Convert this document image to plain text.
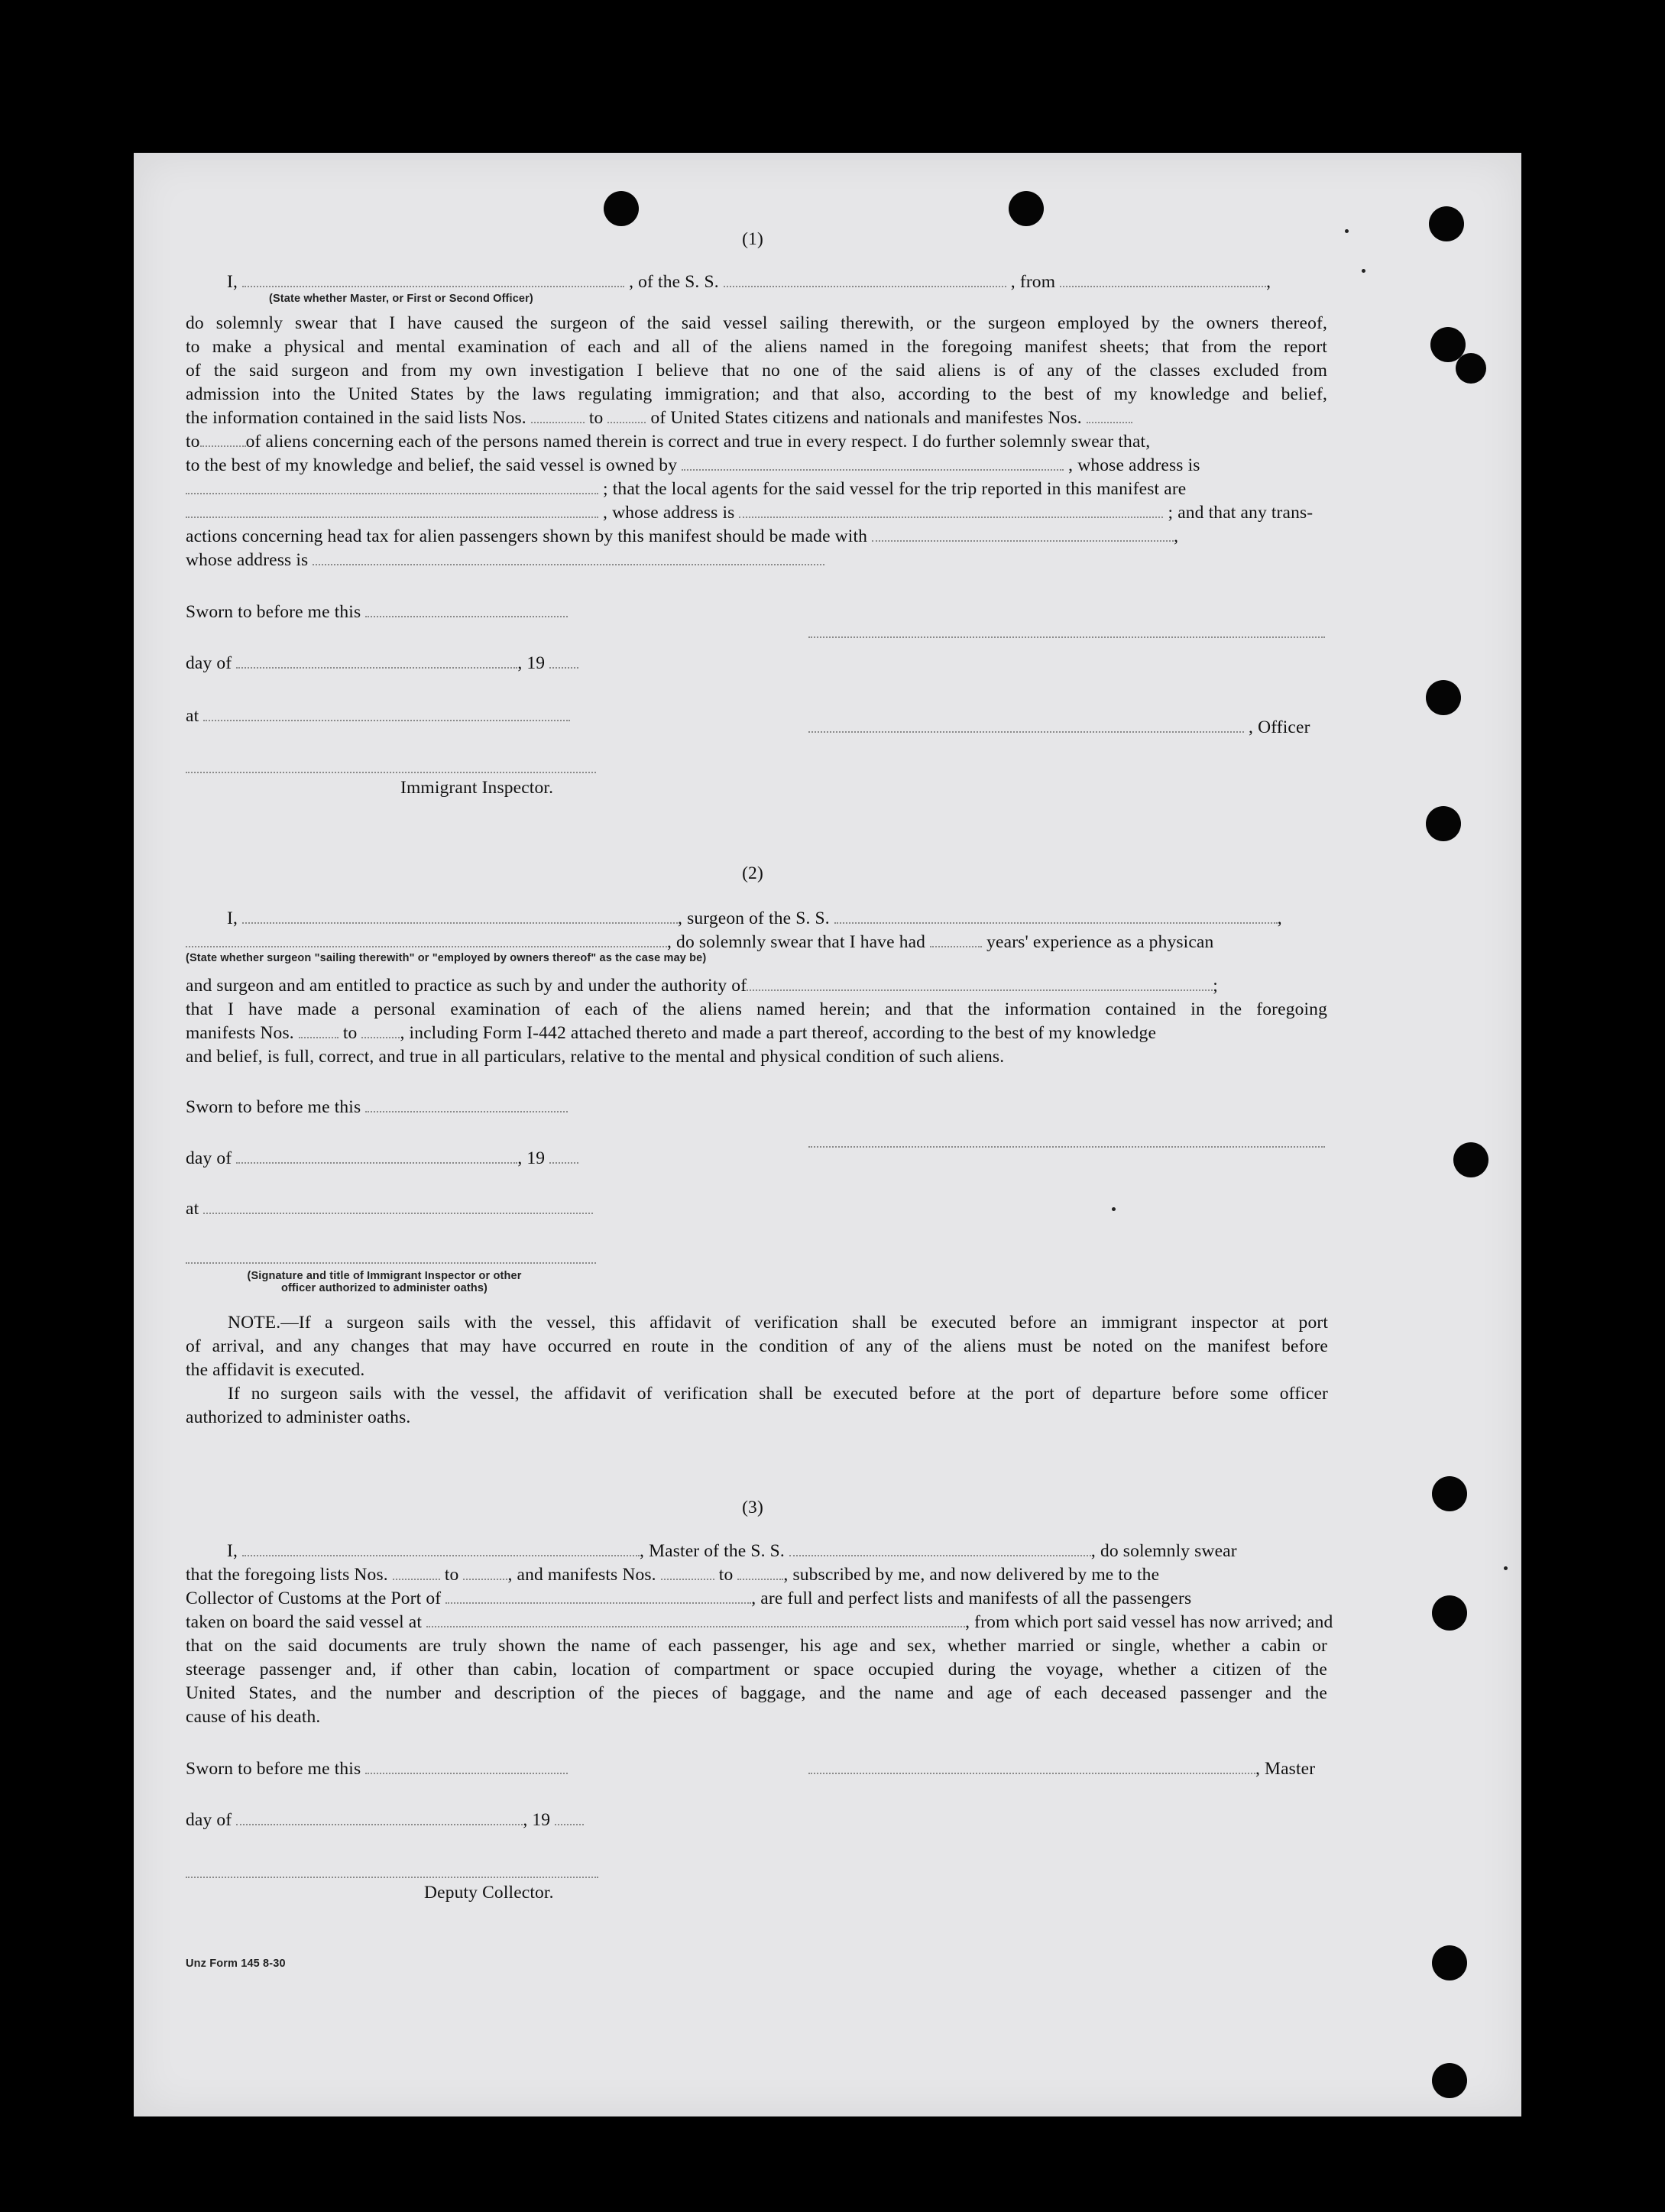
(1)
I,	, of the S. S.	, from	,
(State whether Master, or First or Second Officer)
do solemnly swear that I have caused the surgeon of the said vessel sailing therewith, or the surgeon employed by the owners thereof,
to make a physical and mental examination of each and all of the aliens named in the foregoing manifest sheets; that from the report
of the said surgeon and from my own investigation I believe that no one of the said aliens is of any of the classes excluded from
admission into the United States by the laws regulating immigration; and that also, according to the best of my knowledge and belief,
the information contained in the said lists Nos.	to	of United States citizens and nationals and manifestes Nos.
to	of aliens concerning each of the persons named therein is correct and true in every respect. I do further solemnly swear that,
to the best of my knowledge and belief, the said vessel is owned by	, whose address is
; that the local agents for the said vessel for the trip reported in this manifest are
, whose address is	; and that any trans-
actions concerning head tax for alien passengers shown by this manifest should be made with	,
whose address is
Sworn to before me this
day of	, 19
at
, Officer
Immigrant Inspector.
(2)
I,	, surgeon of the S. S.	,
, do solemnly swear that I have had	years' experience as a physican
(State whether surgeon "sailing therewith" or "employed by owners thereof" as the case may be)
and surgeon and am entitled to practice as such by and under the authority of	;
that I have made a personal examination of each of the aliens named herein; and that the information contained in the foregoing
manifests Nos.	to , including Form I-442 attached thereto and made a part thereof, according to the best of my knowledge
and belief, is full, correct, and true in all particulars, relative to the mental and physical condition of such aliens.
Sworn to before me this
day of	, 19
at
(Signature and title of Immigrant Inspector or other
officer authorized to administer oaths)
NOTE.—If a surgeon sails with the vessel, this affidavit of verification shall be executed before an immigrant inspector at port
of arrival, and any changes that may have occurred en route in the condition of any of the aliens must be noted on the manifest before
the affidavit is executed.
If no surgeon sails with the vessel, the affidavit of verification shall be executed before at the port of departure before some officer
authorized to administer oaths.
(3)
I,	, Master of the S. S.	, do solemnly swear
that the foregoing lists Nos.	to	, and manifests Nos.	to	, subscribed by me, and now delivered by me to the
Collector of Customs at the Port of	, are full and perfect lists and manifests of all the passengers
taken on board the said vessel at	, from which port said vessel has now arrived; and
that on the said documents are truly shown the name of each passenger, his age and sex, whether married or single, whether a cabin or
steerage passenger and, if other than cabin, location of compartment or space occupied during the voyage, whether a citizen of the
United States, and the number and description of the pieces of baggage, and the name and age of each deceased passenger and the
cause of his death.
Sworn to before me this	, Master
day of	, 19
Deputy Collector.
Unz Form 145 8-30
